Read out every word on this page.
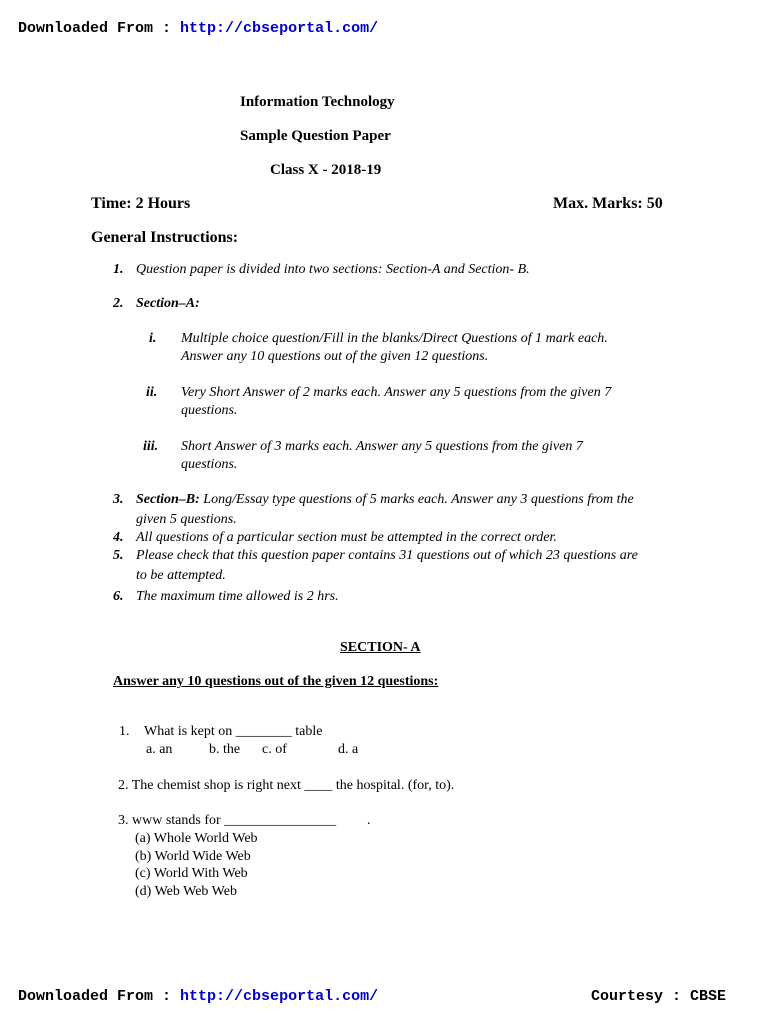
Downloaded From : http://cbseportal.com/
Information Technology
Sample Question Paper
Class X - 2018-19
Time: 2 Hours	Max. Marks: 50
General Instructions:
1. Question paper is divided into two sections: Section-A and Section- B.
2. Section–A:
i. Multiple choice question/Fill in the blanks/Direct Questions of 1 mark each.
Answer any 10 questions out of the given 12 questions.
ii. Very Short Answer of 2 marks each. Answer any 5 questions from the given 7
questions.
iii. Short Answer of 3 marks each. Answer any 5 questions from the given 7
questions.
3. Section–B: Long/Essay type questions of 5 marks each. Answer any 3 questions from the
given 5 questions.
4. All questions of a particular section must be attempted in the correct order.
5. Please check that this question paper contains 31 questions out of which 23 questions are
to be attempted.
6. The maximum time allowed is 2 hrs.
SECTION- A
Answer any 10 questions out of the given 12 questions:
1. What is kept on ________ table
a. an	b. the c. of	d. a
2. The chemist shop is right next ____ the hospital. (for, to).
3. www stands for ________________ .
(a) Whole World Web
(b) World Wide Web
(c) World With Web
(d) Web Web Web
Downloaded From : http://cbseportal.com/	Courtesy : CBSE
